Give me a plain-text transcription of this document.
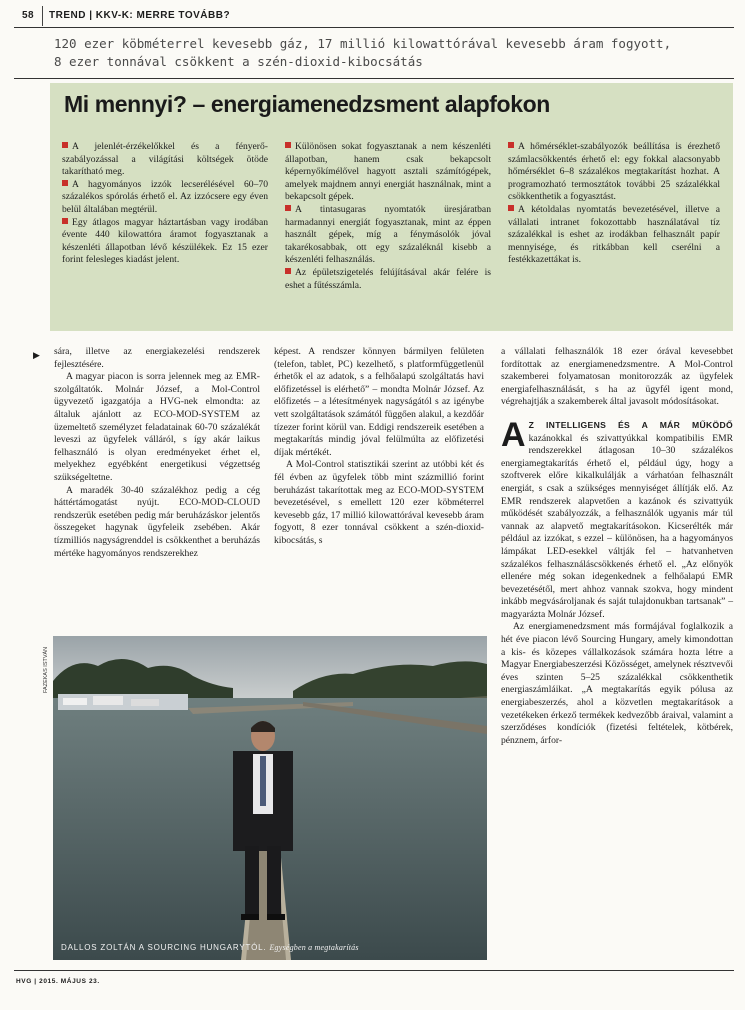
58 TREND | KKV-K: MERRE TOVÁBB?
120 ezer köbméterrel kevesebb gáz, 17 millió kilowattórával kevesebb áram fogyott,
8 ezer tonnával csökkent a szén-dioxid-kibocsátás
Mi mennyi? – energiamenedzsment alapfokon

A jelenlét-érzékelőkkel és a fényerő-szabályozással a világítási költségek ötöde takarítható meg.

A hagyományos izzók lecserélésével 60–70 százalékos spórolás érhető el. Az izzócsere egy éven belül általában megtérül.

Egy átlagos magyar háztartásban vagy irodában évente 440 kilowattóra áramot fogyasztanak a készenléti állapotban lévő készülékek. Ez 15 ezer forint felesleges kiadást jelent.

Különösen sokat fogyasztanak a nem készenléti állapotban, hanem csak bekapcsolt képernyőkímélővel hagyott asztali számítógépek, amelyek majdnem annyi energiát használnak, mint a bekapcsolt gépek.

A tintasugaras nyomtatók üresjáratban harmadannyi energiát fogyasztanak, mint az éppen használt gépek, míg a fénymásolók jóval takarékosabbak, ott egy százaléknál kisebb a készenléti felhasználás.

Az épületszigetelés felújításával akár felére is eshet a fűtésszámla.

A hőmérséklet-szabályozók beállítása is érezhető számlacsökkentés érhető el: egy fokkal alacsonyabb hőmérséklet 6–8 százalékos megtakarítást hozhat. A programozható termosztátok további 25 százalékkal csökkenthetik a fogyasztást.

A kétoldalas nyomtatás bevezetésével, illetve a vállalati intranet fokozottabb használatával tíz százalékkal is eshet az irodákban felhasznált papír mennyisége, és ritkábban kell cserélni a festékkazettákat is.

▶ sára, illetve az energiakezelési rendszerek fejlesztésére.

A magyar piacon is sorra jelennek meg az EMR-szolgáltatók. Molnár József, a Mol-Control ügyvezető igazgatója a HVG-nek elmondta: az általuk ajánlott az ECO-MOD-SYSTEM az üzemeltető személyzet feladatainak 60-70 százalékát leveszi az ügyfelek válláról, s így akár laikus felhasználó is olyan eredményeket érhet el, melyekhez egyébként energetikusi végzettség szükségeltetne.

A maradék 30-40 százalékhoz pedig a cég háttértámogatást nyújt. ECO-MOD-CLOUD rendszerük esetében pedig már beruházáskor jelentős összegeket hagynak ügyfeleik zsebében. Akár tízmilliós nagyságrenddel is csökkenthet a beruházás mértéke hagyományos rendszerekhez

képest. A rendszer könnyen bármilyen felületen (telefon, tablet, PC) kezelhető, s platformfüggetlenül érhetők el az adatok, s a felhőalapú szolgáltatás havi előfizetéssel is elérhető” – mondta Molnár József. Az előfizetés – a létesítmények nagyságától s az igénybe vett szolgáltatások számától függően alakul, a kezdőár tízezer forint körül van. Eddigi rendszereik esetében a megtakarítás mindig jóval felülmúlta az előfizetési díjak mértékét.

A Mol-Control statisztikái szerint az utóbbi két és fél évben az ügyfelek több mint százmillió forint beruházást takarítottak meg az ECO-MOD-SYSTEM bevezetésével, s emellett 120 ezer köbméterrel kevesebb gáz, 17 millió kilowattórával kevesebb áram fogyott, 8 ezer tonnával csökkent a szén-dioxid-kibocsátás, s

a vállalati felhasználók 18 ezer órával kevesebbet fordítottak az energiamenedzsmentre. A Mol-Control szakemberei folyamatosan monitorozzák az ügyfelek energiafelhasználását, s ha az ügyfél igent mond, végrehajtják a szakemberek által javasolt módosításokat.

A Z INTELLIGENS ÉS A MÁR MŰKÖDŐ kazánokkal és szivattyúkkal kompatibilis EMR rendszerekkel átlagosan 10–30 százalékos energiamegtakarítás érhető el, például úgy, hogy a szoftverek előre kikalkulálják a várhatóan felhasznált energiát, s csak a szükséges mennyiséget állítják elő. Az EMR rendszerek alapvetően a kazánok és szivattyúk működését szabályozzák, a felhasználók ugyanis már túl vannak az alapvető megtakarításokon. Kicserélték már például az izzókat, s ezzel – különösen, ha a hagyományos lámpákat LED-esekkel váltják fel – hatvanhetven százalékos felhasználáscsökkenés érhető el. „Az előnyök ellenére még sokan idegenkednek a felhőalapú EMR bevezetésétől, mert ahhoz vannak szokva, hogy mindent inkább megvásároljanak és saját tulajdonukban tartsanak” – magyarázta Molnár József.

Az energiamenedzsment más formájával foglalkozik a hét éve piacon lévő Sourcing Hungary, amely kimondottan a kis- és közepes vállalkozások számára hozta létre a Magyar Energiabeszerzési Közösséget, amelynek résztvevői éves szinten 5–25 százalékkal csökkenthetik energiaszámláikat. „A megtakarítás egyik pólusa az energiabeszerzés, ahol a közvetlen megtakarítások a vezetékeken érkező termékek kedvezőbb áraival, valamint a szerződéses kondíciók (fizetési feltételek, kötbérek, pénznem, árfor-

FAZEKAS ISTVÁN
DALLOS ZOLTÁN A SOURCING HUNGARYTÓL. Egységben a megtakarítás
HVG | 2015. MÁJUS 23.
